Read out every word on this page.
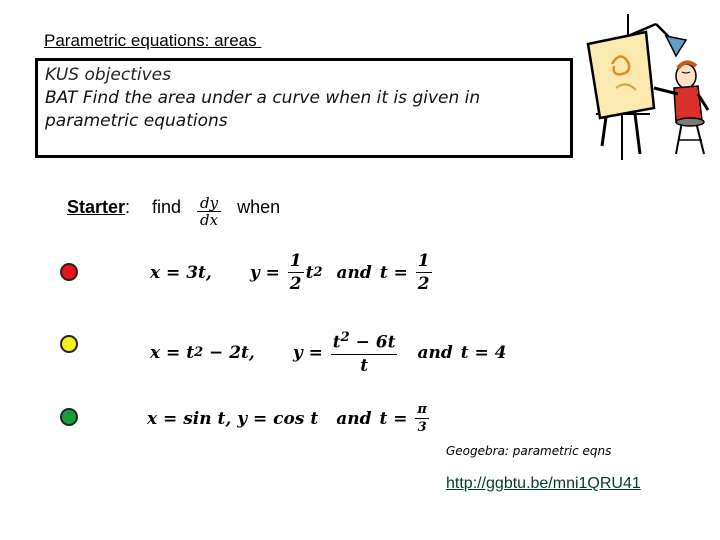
Parametric equations: areas
KUS objectives
BAT Find the area under a curve when it is given in
parametric equations
Starter : find $\frac{dy}{dx}$ when
x = 3t, $y = \frac{1}{2}$ t 2 and $t = \frac{1}{2}$
x = t 2 − 2t, $y = \frac{t^2 - 6t}{t}$ and t = 4
x = sin t, y = cos t and $t = \frac{\pi}{3}$
Geogebra: parametric eqns
http://ggbtu.be/mni1QRU41
